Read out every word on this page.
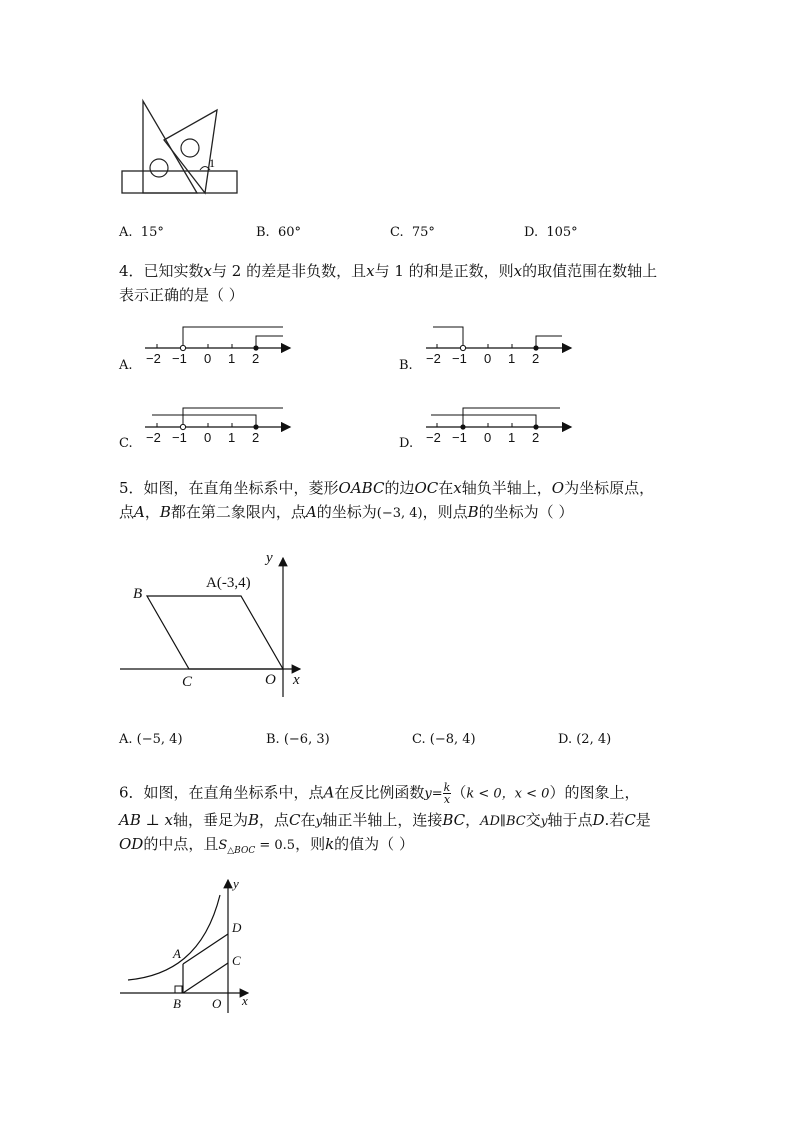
1
A. 15°	B. 60°	C. 75°	D. 105°
4．已知实数x与 2 的差是非负数，且x与 1 的和是正数，则x的取值范围在数轴上
表示正确的是（ ）
−2 −1 0 1 2	−2 −1 0 1 2
−2 −1 0 1 2	−2 −1 0 1 2
A.	B.
C.	D.
5．如图，在直角坐标系中，菱形OABC的边OC在x轴负半轴上，O为坐标原点，
点A，B都在第二象限内，点A的坐标为(−3, 4)，则点B的坐标为（ ）
y
x
B
A(-3,4)
C	O
A. (−5, 4)	B. (−6, 3)	C. (−8, 4)	D. (2, 4)
6．如图，在直角坐标系中，点A在反比例函数$y= \frac{k}{x} (k < 0$，x < 0）的图象上，
AB ⊥ x轴，垂足为B，点C在y轴正半轴上，连接BC，AD∥BC交y轴于点D.若C是
OD的中点，且$S_{\triangle BOC} = 0.5$，则k的值为（ ）
y
x
D
C
A
B O
